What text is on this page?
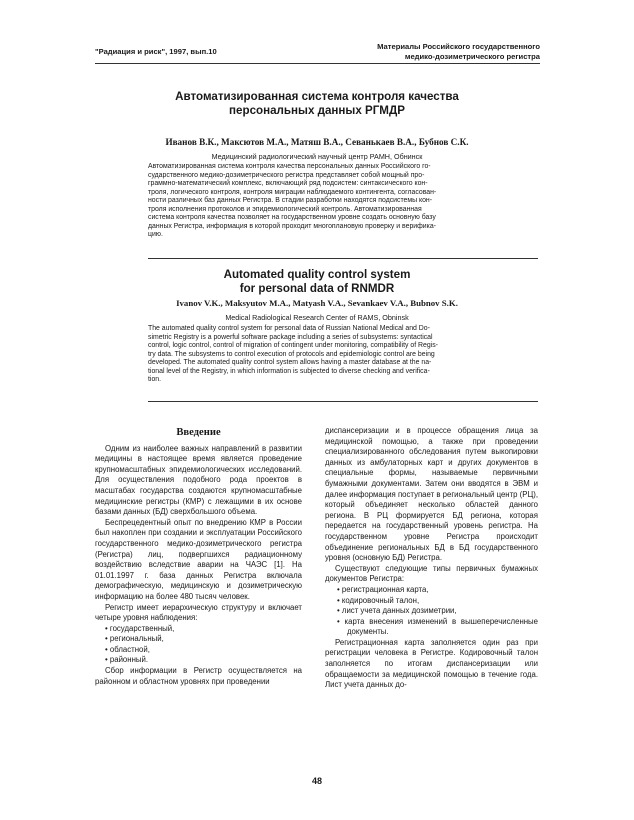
"Радиация и риск", 1997, вып.10
Материалы Российского государственного
медико-дозиметрического регистра
Автоматизированная система контроля качества
персональных данных РГМДР
Иванов В.К., Максютов М.А., Матяш В.А., Севанькаев В.А., Бубнов С.К.
Медицинский радиологический научный центр РАМН, Обнинск

Автоматизированная система контроля качества персональных данных Российского го-

сударственного медико-дозиметрического регистра представляет собой мощный про-

граммно-математический комплекс, включающий ряд подсистем: синтаксического кон-

троля, логического контроля, контроля миграции наблюдаемого контингента, согласован-

ности различных баз данных Регистра. В стадии разработки находятся подсистемы кон-

троля исполнения протоколов и эпидемиологический контроль. Автоматизированная

система контроля качества позволяет на государственном уровне создать основную базу

данных Регистра, информация в которой проходит многоплановую проверку и верифика-

цию.

Automated quality control system
for personal data of RNMDR
Ivanov V.K., Maksyutov M.A., Matyash V.A., Sevankaev V.A., Bubnov S.K.
Medical Radiological Research Center of RAMS, Obninsk

The automated quality control system for personal data of Russian National Medical and Do-

simetric Registry is a powerful software package including a series of subsystems: syntactical

control, logic control, control of migration of contingent under monitoring, compatibility of Regis-

try data. The subsystems to control execution of protocols and epidemiologic control are being

developed. The automated quality control system allows having a master database at the na-

tional level of the Registry, in which information is subjected to diverse checking and verifica-

tion.

Введение

Одним из наиболее важных направлений в развитии медицины в настоящее время является проведение крупномасштабных эпидемиологических исследований. Для осуществления подобного рода проектов в масштабах государства создаются крупномасштабные медицинские регистры (КМР) с лежащими в их основе базами данных (БД) сверхбольшого объема.

Беспрецедентный опыт по внедрению КМР в России был накоплен при создании и эксплуатации Российского государственного медико-дозиметрического регистра (Регистра) лиц, подвергшихся радиационному воздействию вследствие аварии на ЧАЭС [1]. На 01.01.1997 г. база данных Регистра включала демографическую, медицинскую и дозиметрическую информацию на более 480 тысяч человек.

Регистр имеет иерархическую структуру и включает четыре уровня наблюдения:

• государственный,
• региональный,
• областной,
• районный.

Сбор информации в Регистр осуществляется на районном и областном уровнях при проведении

диспансеризации и в процессе обращения лица за медицинской помощью, а также при проведении специализированного обследования путем выкопировки данных из амбулаторных карт и других документов в специальные формы, называемые первичными бумажными документами. Затем они вводятся в ЭВМ и далее информация поступает в региональный центр (РЦ), который объединяет несколько областей данного региона. В РЦ формируется БД региона, которая передается на государственный уровень регистра. На государственном уровне Регистра происходит объединение региональных БД в БД государственного уровня (основную БД) Регистра.

Существуют следующие типы первичных бумажных документов Регистра:

• регистрационная карта,
• кодировочный талон,
• лист учета данных дозиметрии,
• карта внесения изменений в вышеперечисленные документы.

Регистрационная карта заполняется один раз при регистрации человека в Регистре. Кодировочный талон заполняется по итогам диспансеризации или обращаемости за медицинской помощью в течение года. Лист учета данных до-

48
